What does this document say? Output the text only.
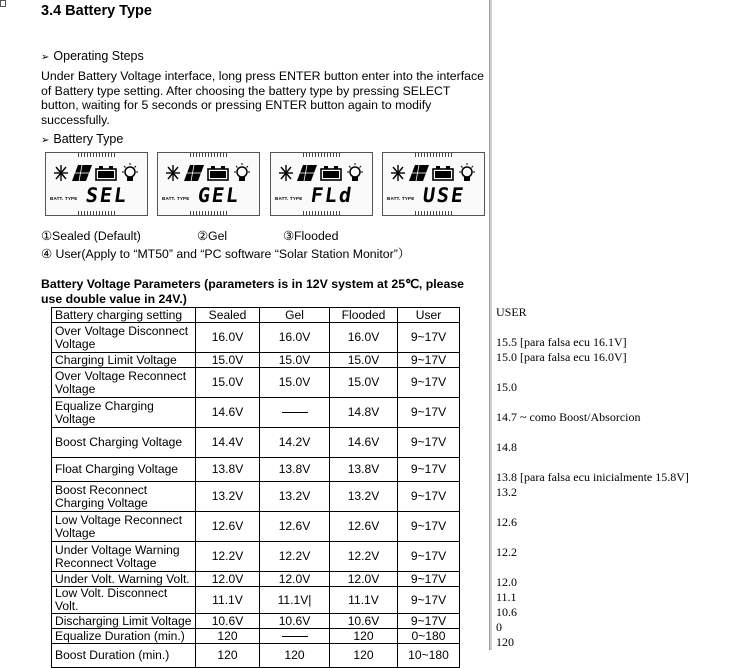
3.4 Battery Type
➢ Operating Steps
Under Battery Voltage interface, long press ENTER button enter into the interface of Battery type setting. After choosing the battery type by pressing SELECT button, waiting for 5 seconds or pressing ENTER button again to modify successfully.
➢ Battery Type
BATT. TYPE SEL	BATT. TYPE GEL	BATT. TYPE FLd	BATT. TYPE USE
①Sealed (Default)	②Gel	③Flooded
④ User(Apply to “MT50” and “PC software “Solar Station Monitor”）
Battery Voltage Parameters (parameters is in 12V system at 25℃, please use double value in 24V.)
Battery charging setting	Sealed	Gel	Flooded	User
Over Voltage Disconnect Voltage	16.0V	16.0V	16.0V	9~17V
Charging Limit Voltage	15.0V	15.0V	15.0V	9~17V
Over Voltage Reconnect Voltage	15.0V	15.0V	15.0V	9~17V
Equalize Charging Voltage	14.6V		14.8V	9~17V
Boost Charging Voltage	14.4V	14.2V	14.6V	9~17V
Float Charging Voltage	13.8V	13.8V	13.8V	9~17V
Boost Reconnect Charging Voltage	13.2V	13.2V	13.2V	9~17V
Low Voltage Reconnect Voltage	12.6V	12.6V	12.6V	9~17V
Under Voltage Warning Reconnect Voltage	12.2V	12.2V	12.2V	9~17V
Under Volt. Warning Volt.	12.0V	12.0V	12.0V	9~17V
Low Volt. Disconnect Volt.	11.1V	11.1V|	11.1V	9~17V
Discharging Limit Voltage	10.6V	10.6V	10.6V	9~17V
Equalize Duration (min.)	120		120	0~180
Boost Duration (min.)	120	120	120	10~180
USER
15.5 [para falsa ecu 16.1V]
15.0 [para falsa ecu 16.0V]
15.0
14.7 ~ como Boost/Absorcion
14.8
13.8 [para falsa ecu inicialmente 15.8V]
13.2
12.6
12.2
12.0
11.1
10.6
0
120
